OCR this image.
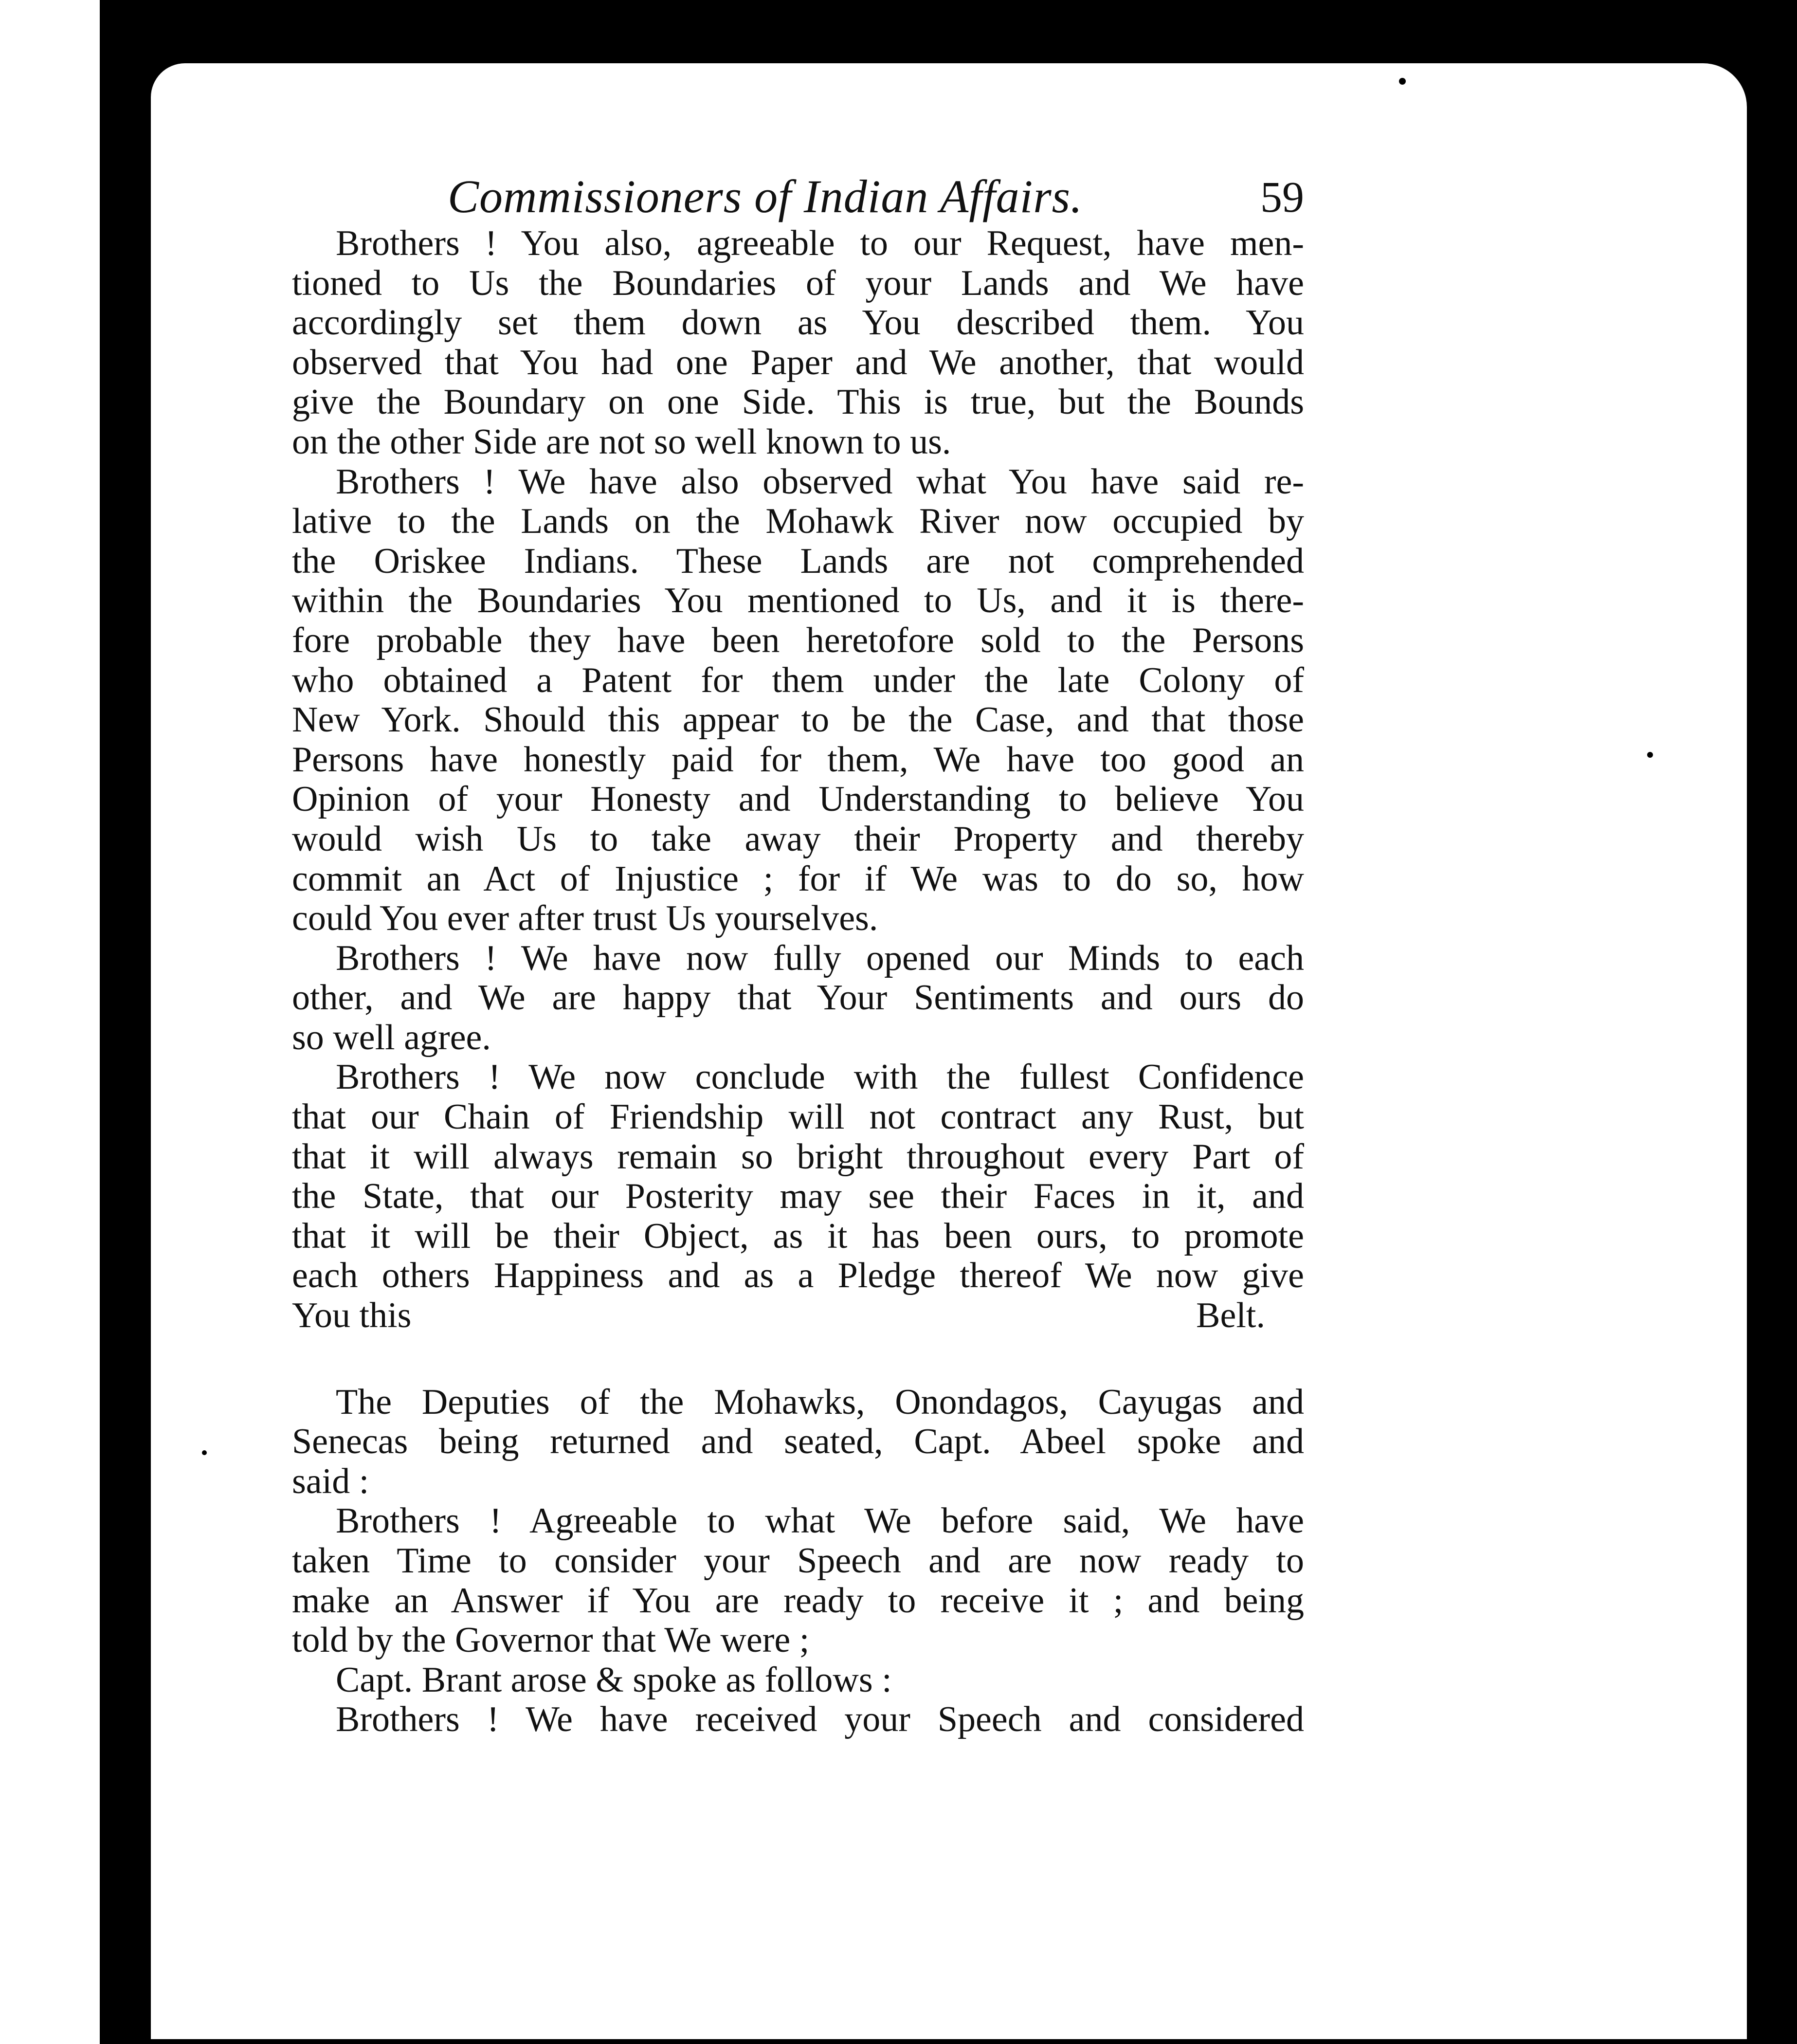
Commissioners of Indian Affairs.	59
Brothers ! You also, agreeable to our Request, have men-
tioned to Us the Boundaries of your Lands and We have
accordingly set them down as You described them. You
observed that You had one Paper and We another, that would
give the Boundary on one Side. This is true, but the Bounds
on the other Side are not so well known to us.
Brothers ! We have also observed what You have said re-
lative to the Lands on the Mohawk River now occupied by
the Oriskee Indians. These Lands are not comprehended
within the Boundaries You mentioned to Us, and it is there-
fore probable they have been heretofore sold to the Persons
who obtained a Patent for them under the late Colony of
New York. Should this appear to be the Case, and that those
Persons have honestly paid for them, We have too good an
Opinion of your Honesty and Understanding to believe You
would wish Us to take away their Property and thereby
commit an Act of Injustice ; for if We was to do so, how
could You ever after trust Us yourselves.
Brothers ! We have now fully opened our Minds to each
other, and We are happy that Your Sentiments and ours do
so well agree.
Brothers ! We now conclude with the fullest Confidence
that our Chain of Friendship will not contract any Rust, but
that it will always remain so bright throughout every Part of
the State, that our Posterity may see their Faces in it, and
that it will be their Object, as it has been ours, to promote
each others Happiness and as a Pledge thereof We now give
You this	Belt.
The Deputies of the Mohawks, Onondagos, Cayugas and
Senecas being returned and seated, Capt. Abeel spoke and
said :
Brothers ! Agreeable to what We before said, We have
taken Time to consider your Speech and are now ready to
make an Answer if You are ready to receive it ; and being
told by the Governor that We were ;
Capt. Brant arose & spoke as follows :
Brothers ! We have received your Speech and considered
